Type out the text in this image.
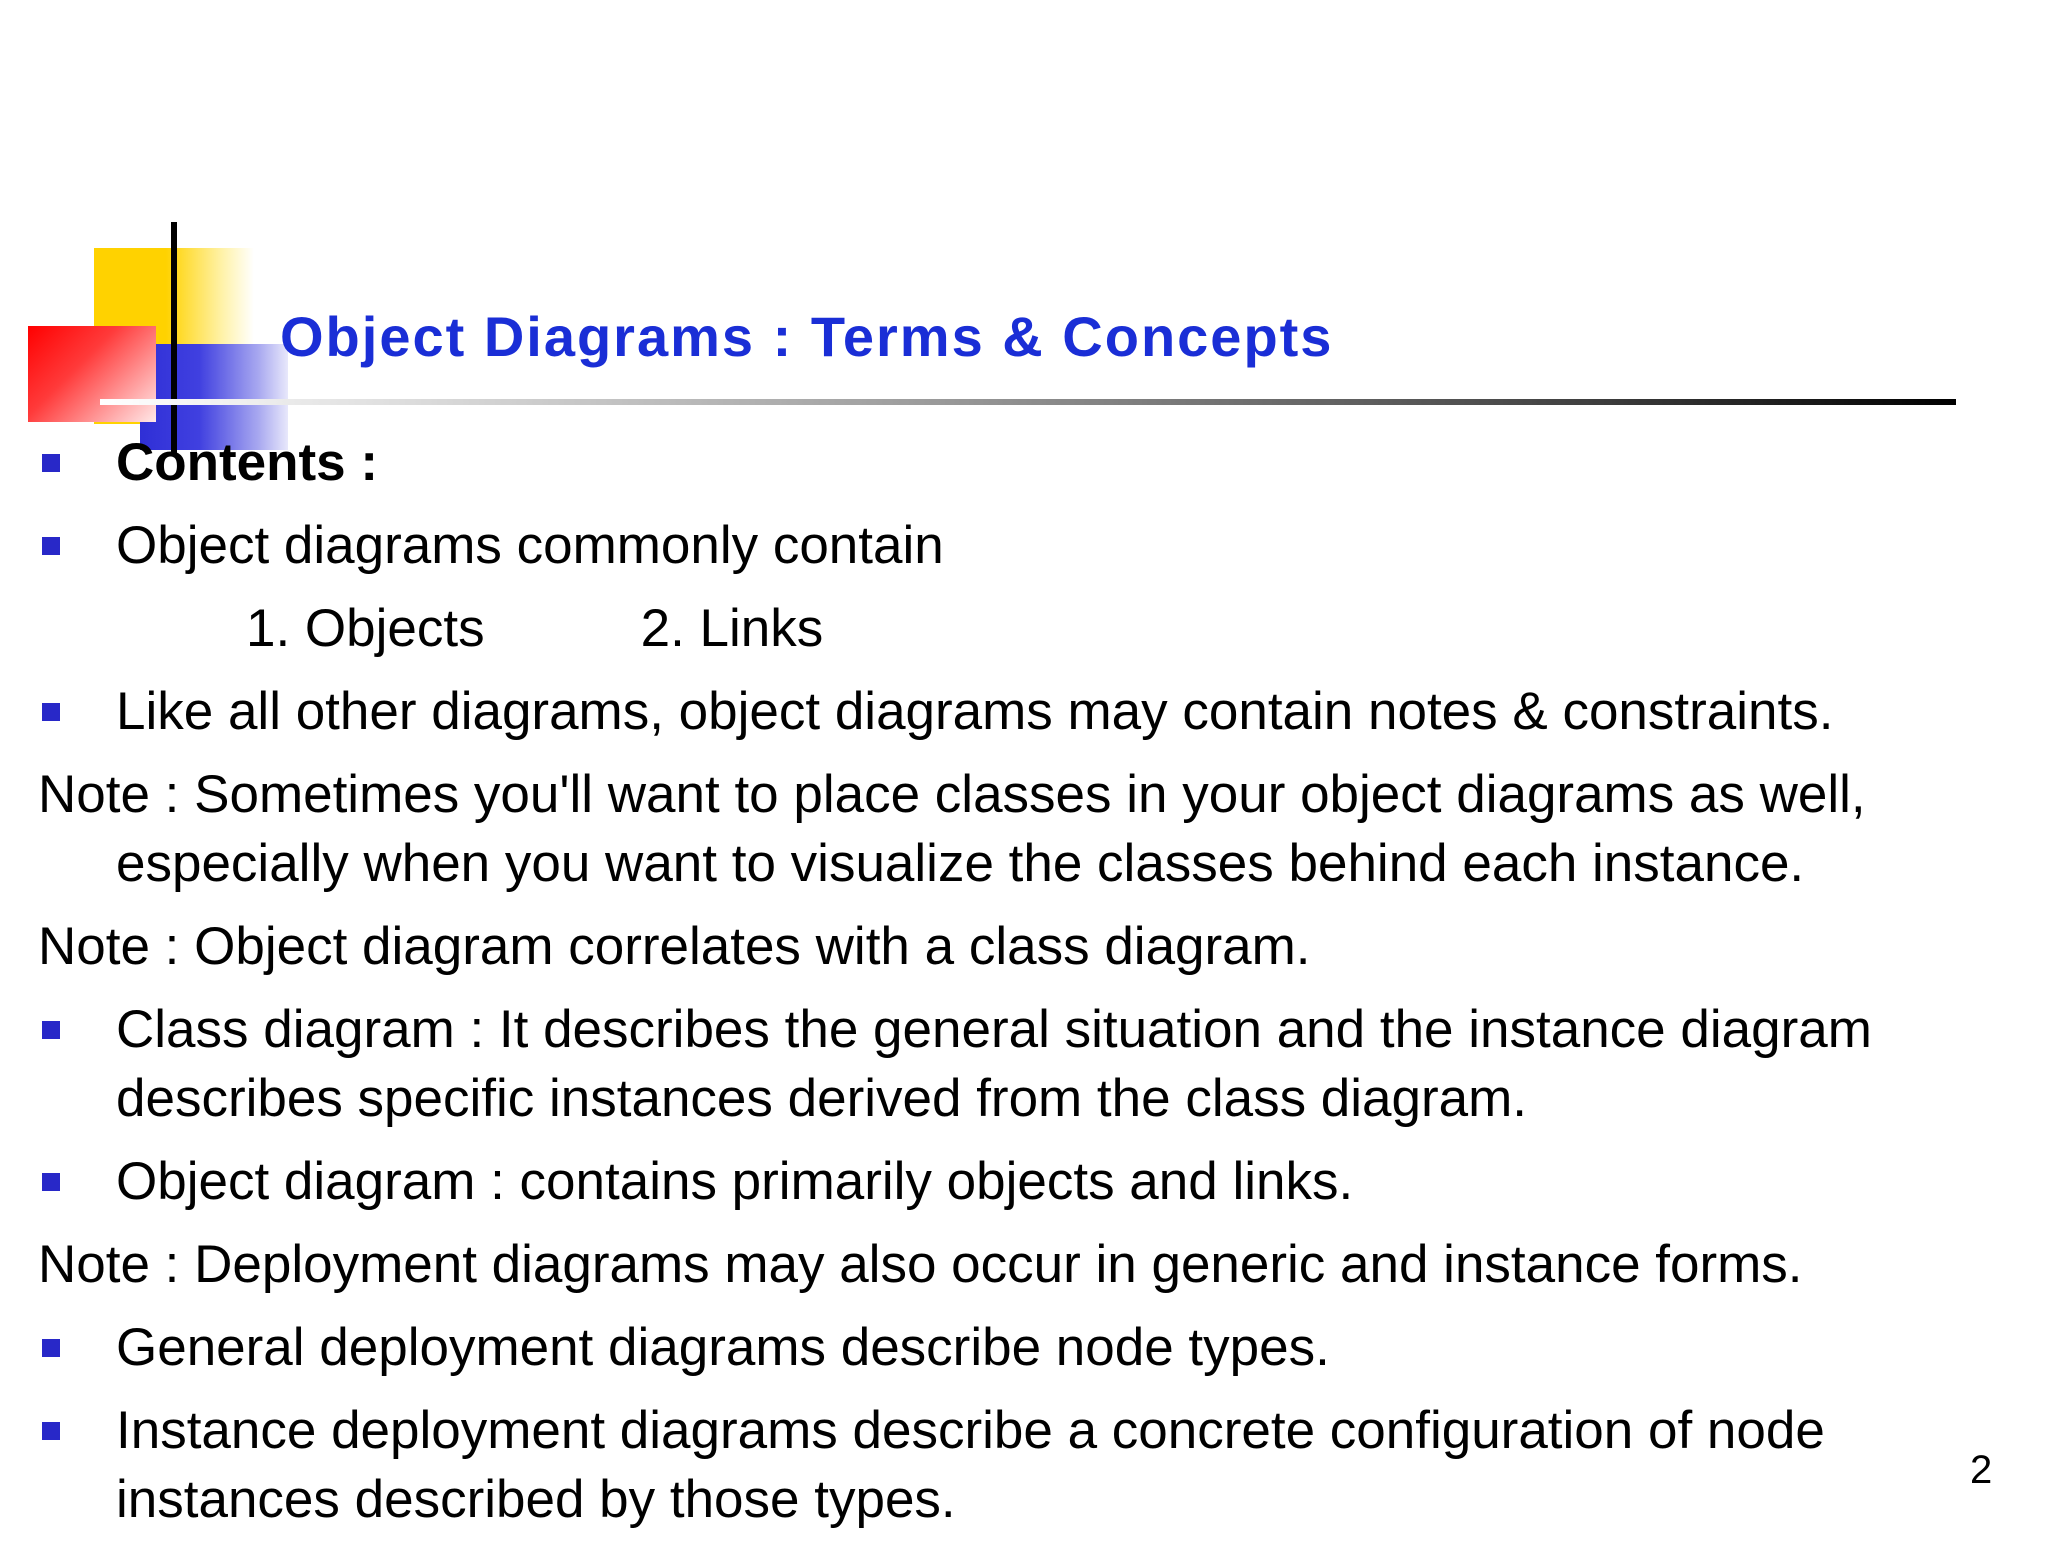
Object Diagrams : Terms & Concepts
Contents :
Object diagrams commonly contain
1. Objects	2. Links
Like all other diagrams, object diagrams may contain notes & constraints.
Note : Sometimes you'll want to place classes in your object diagrams as well, especially when you want to visualize the classes behind each instance.
Note : Object diagram correlates with a class diagram.
Class diagram : It describes the general situation and the instance diagram describes specific instances derived from the class diagram.
Object diagram : contains primarily objects and links.
Note : Deployment diagrams may also occur in generic and instance forms.
General deployment diagrams describe node types.
Instance deployment diagrams describe a concrete configuration of node instances described by those types.	2
